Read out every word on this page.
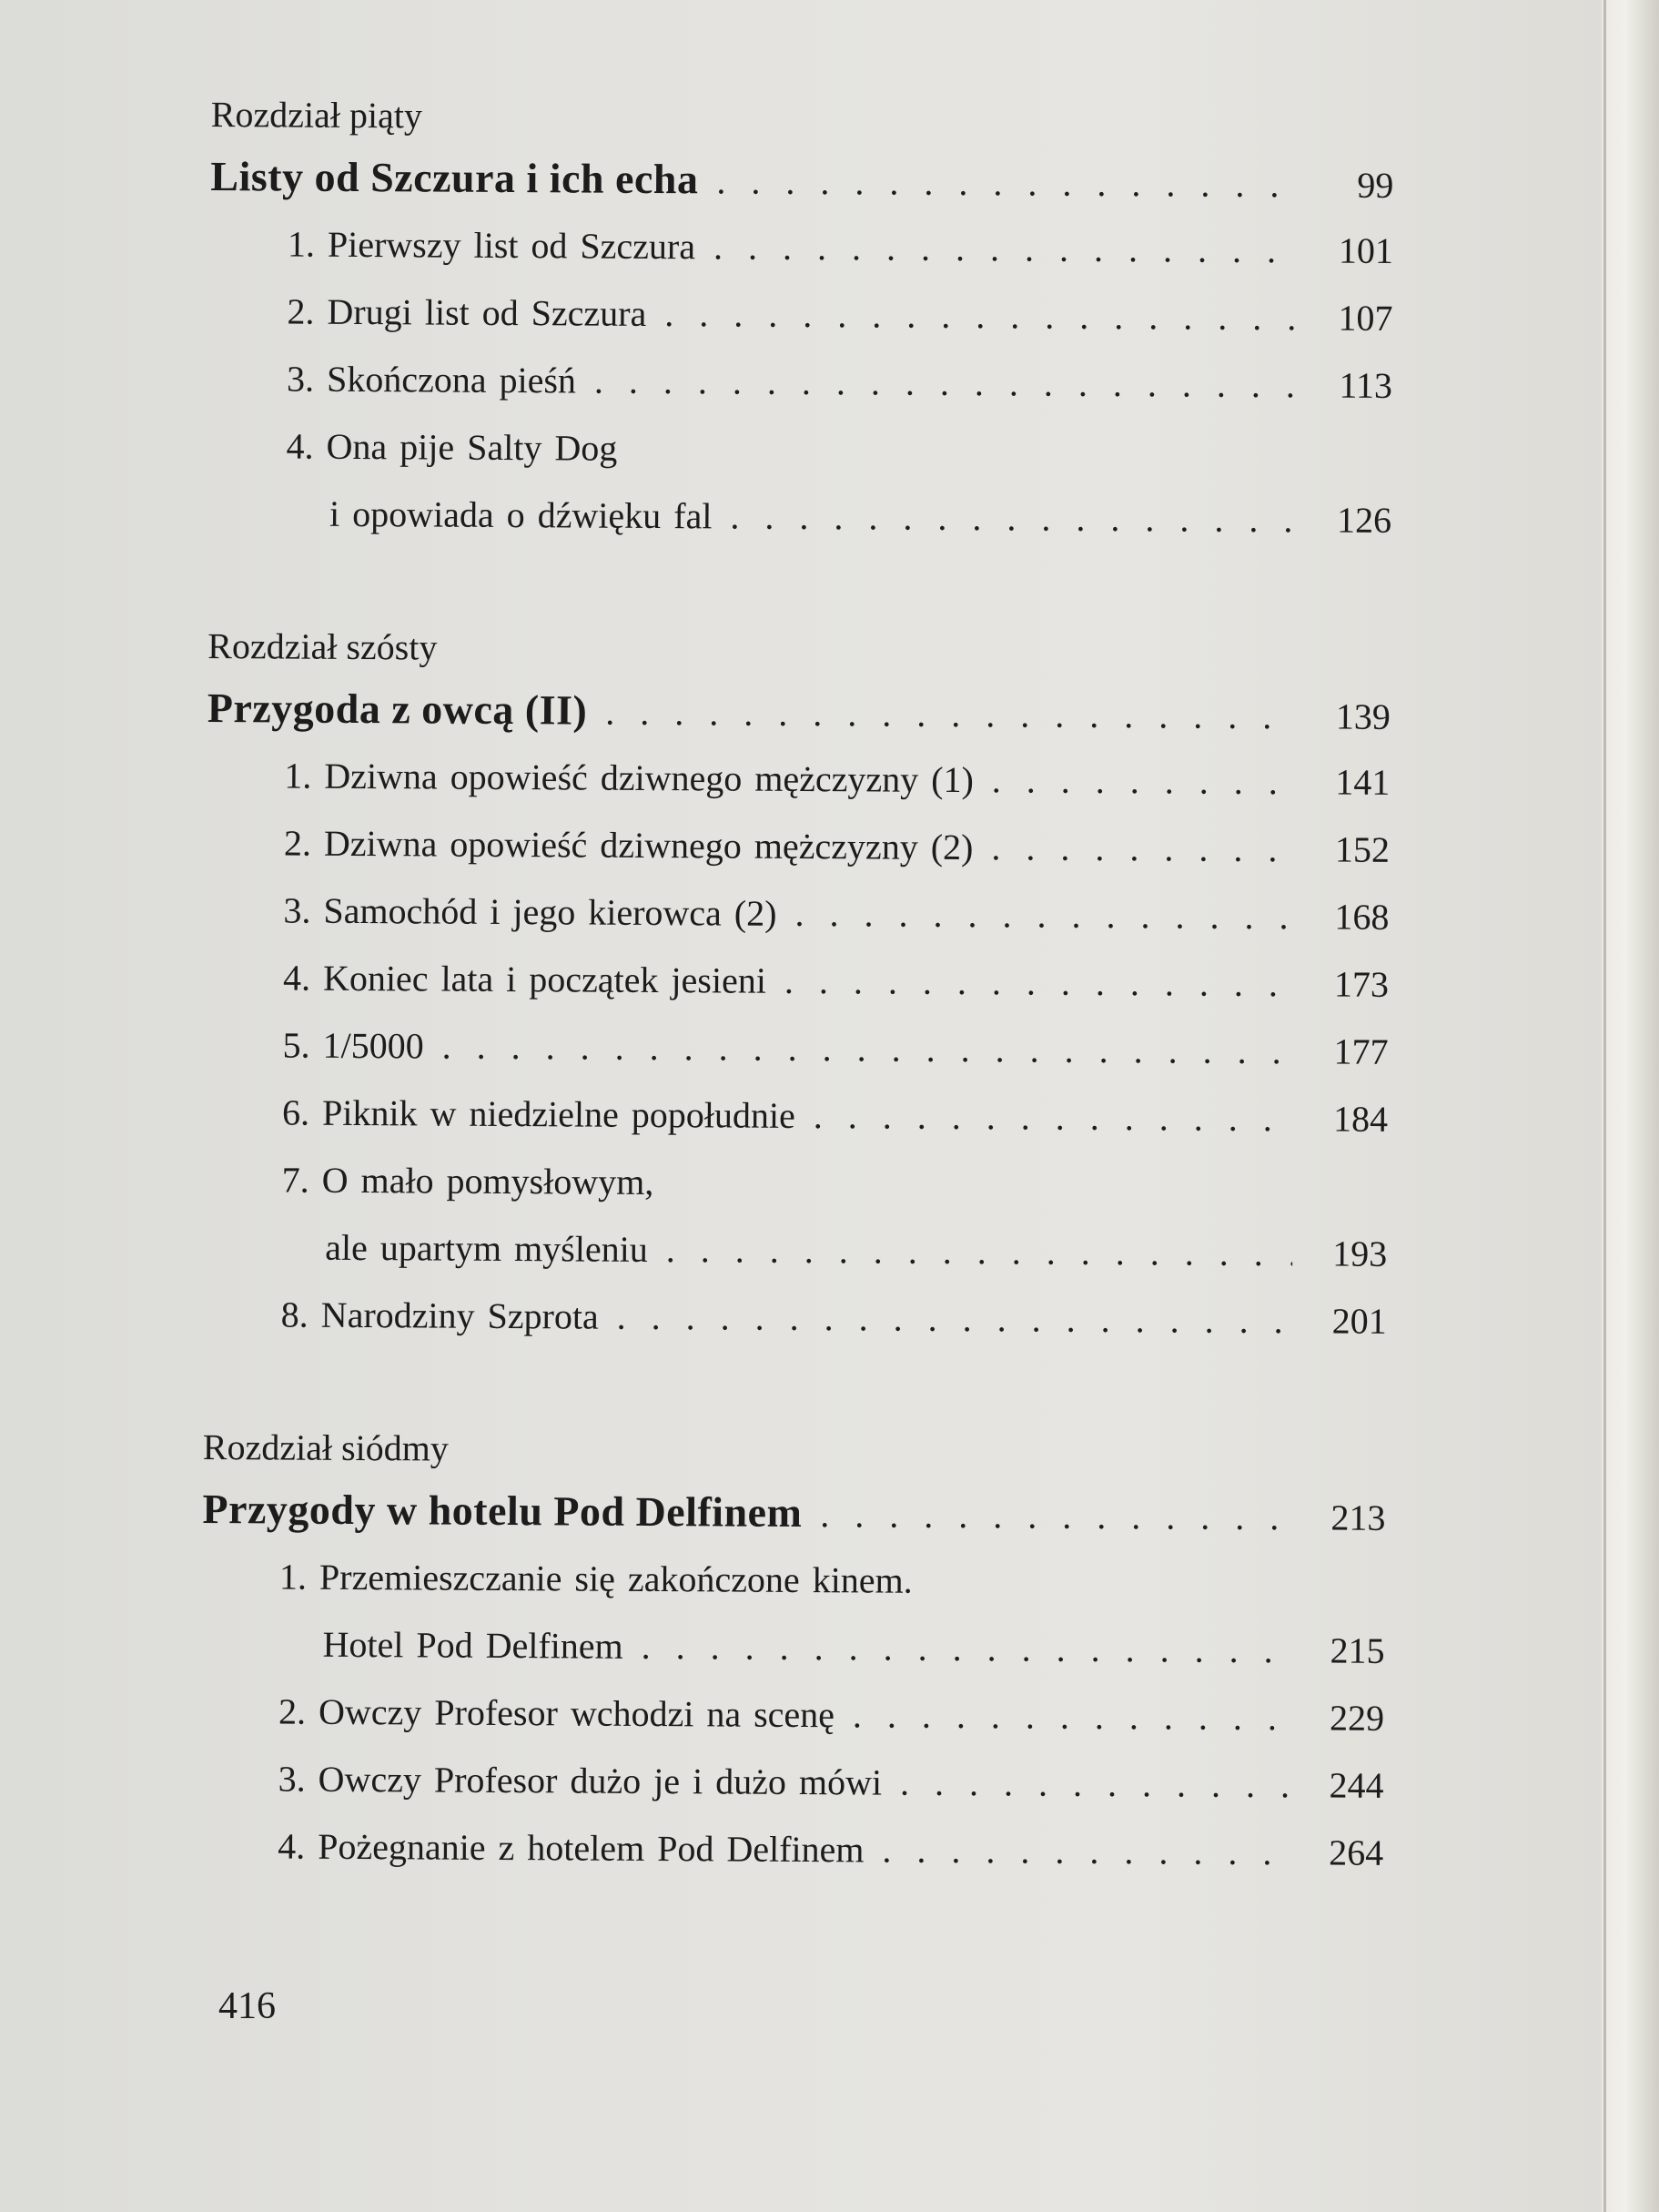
Rozdział piąty
Listy od Szczura i ich echa . . .	99
1. Pierwszy list od Szczura . . .	101
2. Drugi list od Szczura . . .	107
3. Skończona pieśń . . .	113
4. Ona pije Salty Dog
i opowiada o dźwięku fal . . .	126
Rozdział szósty
Przygoda z owcą (II) . . .	139
1. Dziwna opowieść dziwnego mężczyzny (1) . . .	141
2. Dziwna opowieść dziwnego mężczyzny (2) . . .	152
3. Samochód i jego kierowca (2) . . .	168
4. Koniec lata i początek jesieni . . .	173
5. 1/5000 . . .	177
6. Piknik w niedzielne popołudnie . . .	184
7. O mało pomysłowym,
ale upartym myśleniu . . .	193
8. Narodziny Szprota . . .	201
Rozdział siódmy
Przygody w hotelu Pod Delfinem . . .	213
1. Przemieszczanie się zakończone kinem.
Hotel Pod Delfinem . . .	215
2. Owczy Profesor wchodzi na scenę . . .	229
3. Owczy Profesor dużo je i dużo mówi . . .	244
4. Pożegnanie z hotelem Pod Delfinem . . .	264
416
